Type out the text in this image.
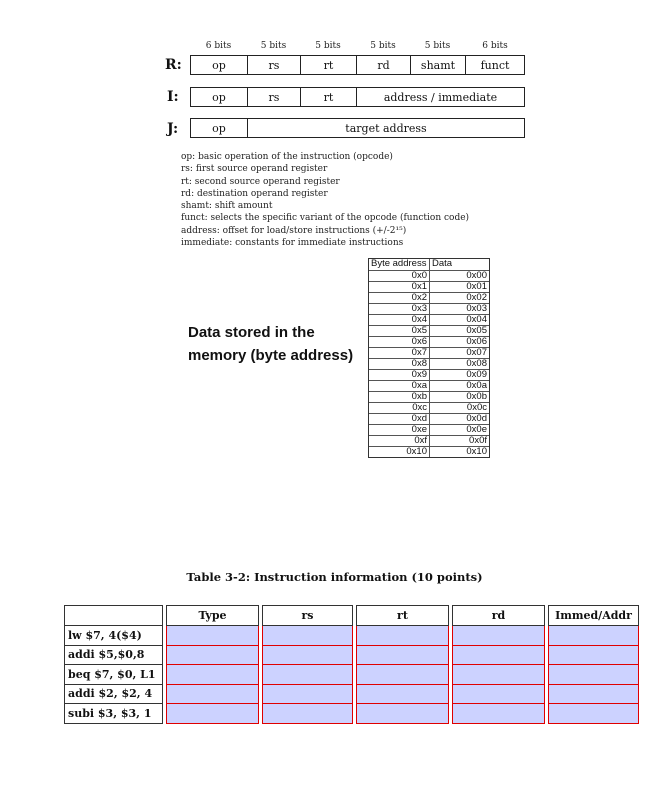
6 bits	5 bits	5 bits	5 bits	5 bits	6 bits
R:	op	rs	rt	rd	shamt	funct
I:	op	rs	rt	address / immediate
J:	op	target address
op: basic operation of the instruction (opcode)
rs: first source operand register
rt: second source operand register
rd: destination operand register
shamt: shift amount
funct: selects the specific variant of the opcode (function code)
address: offset for load/store instructions (+/-2¹⁵)
immediate: constants for immediate instructions
Data stored in the
memory (byte address)
Byte address Data
0x0	0x00
0x1	0x01
0x2	0x02
0x3	0x03
0x4	0x04
0x5	0x05
0x6	0x06
0x7	0x07
0x8	0x08
0x9	0x09
0xa	0x0a
0xb	0x0b
0xc	0x0c
0xd	0x0d
0xe	0x0e
0xf	0x0f
0x10	0x10
Table 3-2: Instruction information (10 points)
		Type		rs		rt		rd		Immed/Addr
lw $7, 4($4)										
addi $5,$0,8										
beq $7, $0, L1										
addi $2, $2, 4										
subi $3, $3, 1										
